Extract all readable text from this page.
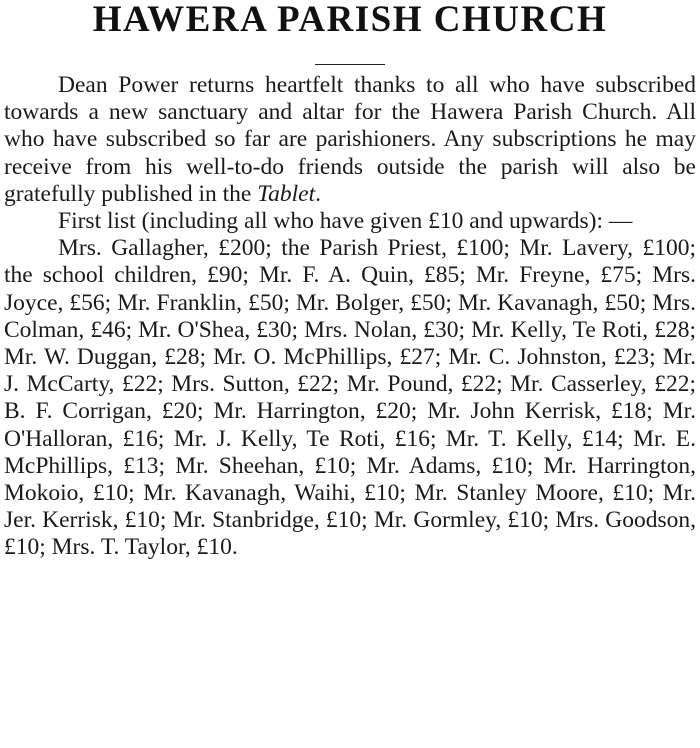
HAWERA PARISH CHURCH

Dean Power returns heartfelt thanks to all who have subscribed towards a new sanctuary and altar for the Hawera Parish Church. All who have subscribed so far are parishioners. Any subscriptions he may receive from his well-to-do friends outside the parish will also be gratefully published in the Tablet.

First list (including all who have given £10 and upwards): —

Mrs. Gallagher, £200; the Parish Priest, £100; Mr. Lavery, £100; the school children, £90; Mr. F. A. Quin, £85; Mr. Freyne, £75; Mrs. Joyce, £56; Mr. Franklin, £50; Mr. Bolger, £50; Mr. Kavanagh, £50; Mrs. Colman, £46; Mr. O'Shea, £30; Mrs. Nolan, £30; Mr. Kelly, Te Roti, £28; Mr. W. Duggan, £28; Mr. O. McPhillips, £27; Mr. C. Johnston, £23; Mr. J. McCarty, £22; Mrs. Sutton, £22; Mr. Pound, £22; Mr. Casserley, £22; B. F. Corrigan, £20; Mr. Harrington, £20; Mr. John Kerrisk, £18; Mr. O'Halloran, £16; Mr. J. Kelly, Te Roti, £16; Mr. T. Kelly, £14; Mr. E. McPhillips, £13; Mr. Sheehan, £10; Mr. Adams, £10; Mr. Harrington, Mokoio, £10; Mr. Kavanagh, Waihi, £10; Mr. Stanley Moore, £10; Mr. Jer. Kerrisk, £10; Mr. Stanbridge, £10; Mr. Gormley, £10; Mrs. Goodson, £10; Mrs. T. Taylor, £10.
